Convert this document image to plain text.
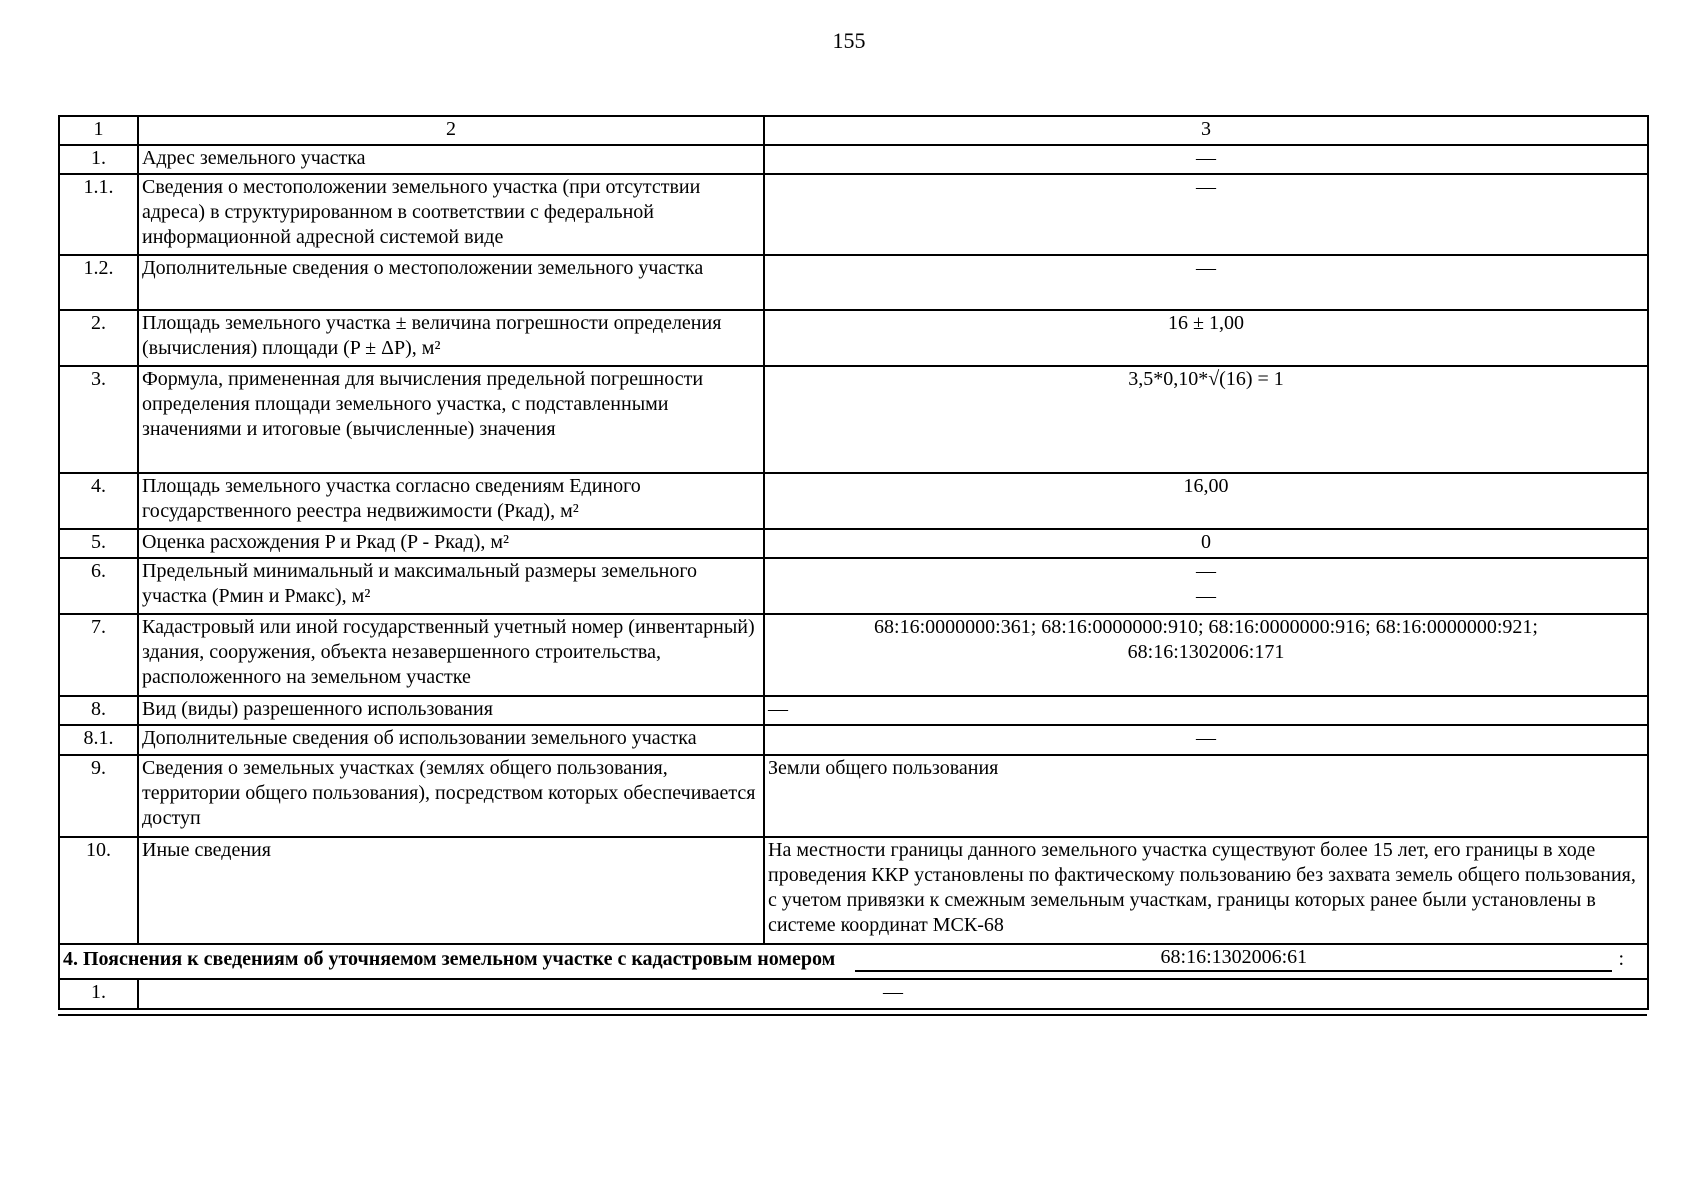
155
1	2	3
1.	Адрес земельного участка	—
1.1.	Сведения о местоположении земельного участка (при отсутствии адреса) в структурированном в соответствии с федеральной информационной адресной системой виде	—
1.2.	Дополнительные сведения о местоположении земельного участка	—
2.	Площадь земельного участка ± величина погрешности определения (вычисления) площади (P ± ΔP), м²	16 ± 1,00
3.	Формула, примененная для вычисления предельной погрешности определения площади земельного участка, с подставленными значениями и итоговые (вычисленные) значения	3,5*0,10*√(16) = 1
4.	Площадь земельного участка согласно сведениям Единого государственного реестра недвижимости (Ркад), м²	16,00
5.	Оценка расхождения P и Ркад (P - Ркад), м²	0
6.	Предельный минимальный и максимальный размеры земельного участка (Pмин и Pмакс), м²	—
—

7.	Кадастровый или иной государственный учетный номер (инвентарный) здания, сооружения, объекта незавершенного строительства, расположенного на земельном участке	68:16:0000000:361; 68:16:0000000:910; 68:16:0000000:916; 68:16:0000000:921;
68:16:1302006:171

8.	Вид (виды) разрешенного использования	—
8.1.	Дополнительные сведения об использовании земельного участка	—
9.	Сведения о земельных участках (землях общего пользования, территории общего пользования), посредством которых обеспечивается доступ	Земли общего пользования
10.	Иные сведения	На местности границы данного земельного участка существуют более 15 лет, его границы в ходе проведения ККР установлены по фактическому пользованию без захвата земель общего пользования, с учетом привязки к смежным земельным участкам, границы которых ранее были установлены в системе координат МСК-68

4. Пояснения к сведениям об уточняемом земельном участке с кадастровым номером 68:16:1302006:61 :		

1.	—	
